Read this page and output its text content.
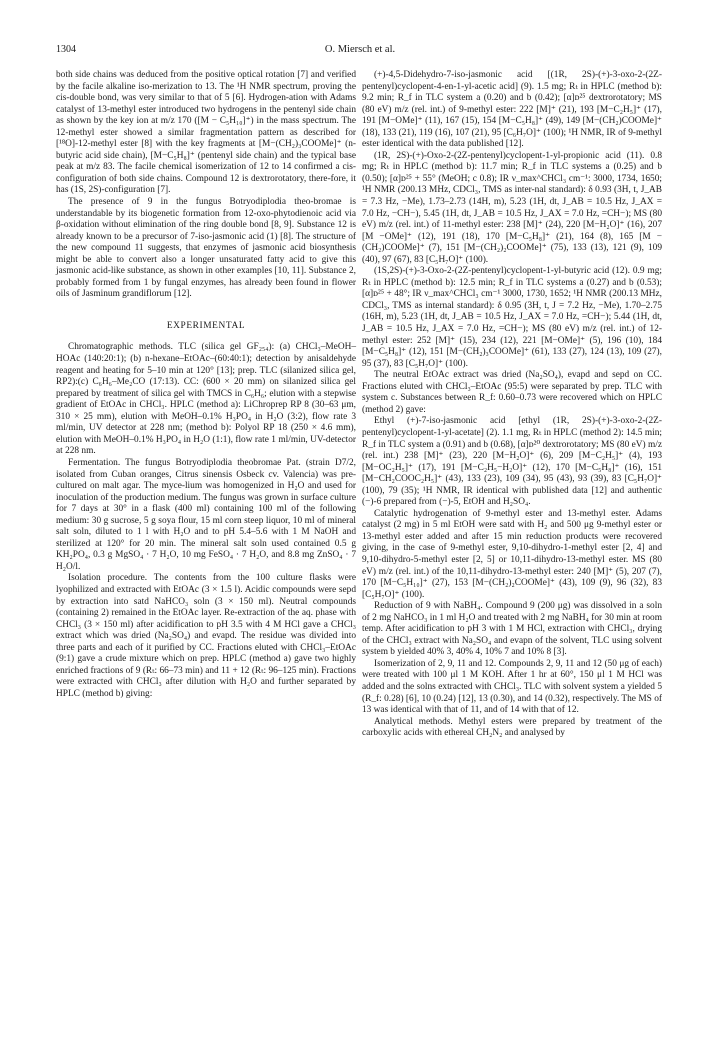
1304	O. Miersch et al.

both side chains was deduced from the positive optical rotation [7] and verified by the facile alkaline iso-merization to 13. The ¹H NMR spectrum, proving the cis-double bond, was very similar to that of 5 [6]. Hydrogen-ation with Adams catalyst of 13-methyl ester introduced two hydrogens in the pentenyl side chain as shown by the key ion at m/z 170 ([M − C₅H₁₀]⁺) in the mass spectrum. The 12-methyl ester showed a similar fragmentation pattern as described for [¹⁸O]-12-methyl ester [8] with the key fragments at [M−(CH₂)₃COOMe]⁺ (n-butyric acid side chain), [M−C₅H₈]⁺ (pentenyl side chain) and the typical base peak at m/z 83. The facile chemical isomerization of 12 to 14 confirmed a cis-configuration of both side chains. Compound 12 is dextrorotatory, there-fore, it has (1S, 2S)-configuration [7].

The presence of 9 in the fungus Botryodiplodia theo-bromae is understandable by its biogenetic formation from 12-oxo-phytodienoic acid via β-oxidation without elimination of the ring double bond [8, 9]. Substance 12 is already known to be a precursor of 7-iso-jasmonic acid (1) [8]. The structure of the new compound 11 suggests, that enzymes of jasmonic acid biosynthesis might be able to convert also a longer unsaturated fatty acid to give this jasmonic acid-like substance, as shown in other examples [10, 11]. Substance 2, probably formed from 1 by fungal enzymes, has already been found in flower oils of Jasminum grandiflorum [12].

EXPERIMENTAL

Chromatographic methods. TLC (silica gel GF₂₅₄): (a) CHCl₃–MeOH–HOAc (140:20:1); (b) n-hexane–EtOAc–(60:40:1); detection by anisaldehyde reagent and heating for 5–10 min at 120° [13]; prep. TLC (silanized silica gel, RP2):(c) C₆H₆–Me₂CO (17:13). CC: (600 × 20 mm) on silanized silica gel prepared by treatment of silica gel with TMCS in C₆H₆; elution with a stepwise gradient of EtOAc in CHCl₃. HPLC (method a): LiChroprep RP 8 (30–63 μm, 310 × 25 mm), elution with MeOH–0.1% H₃PO₄ in H₂O (3:2), flow rate 3 ml/min, UV detector at 228 nm; (method b): Polyol RP 18 (250 × 4.6 mm), elution with MeOH–0.1% H₃PO₄ in H₂O (1:1), flow rate 1 ml/min, UV-detector at 228 nm.

Fermentation. The fungus Botryodiplodia theobromae Pat. (strain D7/2, isolated from Cuban oranges, Citrus sinensis Osbeck cv. Valencia) was pre-cultured on malt agar. The myce-lium was homogenized in H₂O and used for inoculation of the production medium. The fungus was grown in surface culture for 7 days at 30° in a flask (400 ml) containing 100 ml of the following medium: 30 g sucrose, 5 g soya flour, 15 ml corn steep liquor, 10 ml of mineral salt soln, diluted to 1 l with H₂O and to pH 5.4–5.6 with 1 M NaOH and sterilized at 120° for 20 min. The mineral salt soln used contained 0.5 g KH₂PO₄, 0.3 g MgSO₄ · 7 H₂O, 10 mg FeSO₄ · 7 H₂O, and 8.8 mg ZnSO₄ · 7 H₂O/l.

Isolation procedure. The contents from the 100 culture flasks were lyophilized and extracted with EtOAc (3 × 1.5 l). Acidic compounds were sepd by extraction into satd NaHCO₃ soln (3 × 150 ml). Neutral compounds (containing 2) remained in the EtOAc layer. Re-extraction of the aq. phase with CHCl₃ (3 × 150 ml) after acidification to pH 3.5 with 4 M HCl gave a CHCl₃ extract which was dried (Na₂SO₄) and evapd. The residue was divided into three parts and each of it purified by CC. Fractions eluted with CHCl₃–EtOAc (9:1) gave a crude mixture which on prep. HPLC (method a) gave two highly enriched fractions of 9 (Rₜ: 66–73 min) and 11 + 12 (Rₜ: 96–125 min). Fractions were extracted with CHCl₃ after dilution with H₂O and further separated by HPLC (method b) giving:

(+)-4,5-Didehydro-7-iso-jasmonic acid [(1R, 2S)-(+)-3-oxo-2-(2Z-pentenyl)cyclopent-4-en-1-yl-acetic acid] (9). 1.5 mg; Rₜ in HPLC (method b): 9.2 min; R_f in TLC system a (0.20) and b (0.42); [α]ᴅ²⁵ dextrorotatory; MS (80 eV) m/z (rel. int.) of 9-methyl ester: 222 [M]⁺ (21), 193 [M−C₂H₅]⁺ (17), 191 [M−OMe]⁺ (11), 167 (15), 154 [M−C₅H₈]⁺ (49), 149 [M−(CH₂)COOMe]⁺ (18), 133 (21), 119 (16), 107 (21), 95 [C₆H₇O]⁺ (100); ¹H NMR, IR of 9-methyl ester identical with the data published [12].

(1R, 2S)-(+)-Oxo-2-(2Z-pentenyl)cyclopent-1-yl-propionic acid (11). 0.8 mg; Rₜ in HPLC (method b): 11.7 min; R_f in TLC systems a (0.25) and b (0.50); [α]ᴅ²⁵ + 55° (MeOH; c 0.8); IR ν_max^CHCl₃ cm⁻¹: 3000, 1734, 1650; ¹H NMR (200.13 MHz, CDCl₃, TMS as inter-nal standard): δ 0.93 (3H, t, J_AB = 7.3 Hz, −Me), 1.73–2.73 (14H, m), 5.23 (1H, dt, J_AB = 10.5 Hz, J_AX = 7.0 Hz, −CH−), 5.45 (1H, dt, J_AB = 10.5 Hz, J_AX = 7.0 Hz, =CH−); MS (80 eV) m/z (rel. int.) of 11-methyl ester: 238 [M]⁺ (24), 220 [M−H₂O]⁺ (16), 207 [M −OMe]⁺ (12), 191 (18), 170 [M−C₅H₈]⁺ (21), 164 (8), 165 [M −(CH₂)COOMe]⁺ (7), 151 [M−(CH₂)₂COOMe]⁺ (75), 133 (13), 121 (9), 109 (40), 97 (67), 83 [C₅H₇O]⁺ (100).

(1S,2S)-(+)-3-Oxo-2-(2Z-pentenyl)cyclopent-1-yl-butyric acid (12). 0.9 mg; Rₜ in HPLC (method b): 12.5 min; R_f in TLC systems a (0.27) and b (0.53); [α]ᴅ²⁵ + 48°; IR ν_max^CHCl₃ cm⁻¹ 3000, 1730, 1652; ¹H NMR (200.13 MHz, CDCl₃, TMS as internal standard): δ 0.95 (3H, t, J = 7.2 Hz, −Me), 1.70–2.75 (16H, m), 5.23 (1H, dt, J_AB = 10.5 Hz, J_AX = 7.0 Hz, =CH−); 5.44 (1H, dt, J_AB = 10.5 Hz, J_AX = 7.0 Hz, =CH−); MS (80 eV) m/z (rel. int.) of 12-methyl ester: 252 [M]⁺ (15), 234 (12), 221 [M−OMe]⁺ (5), 196 (10), 184 [M−C₅H₈]⁺ (12), 151 [M−(CH₂)₃COOMe]⁺ (61), 133 (27), 124 (13), 109 (27), 95 (37), 83 [C₅H₇O]⁺ (100).

The neutral EtOAc extract was dried (Na₂SO₄), evapd and sepd on CC. Fractions eluted with CHCl₃–EtOAc (95:5) were separated by prep. TLC with system c. Substances between R_f: 0.60–0.73 were recovered which on HPLC (method 2) gave:

Ethyl (+)-7-iso-jasmonic acid [ethyl (1R, 2S)-(+)-3-oxo-2-(2Z-pentenyl)cyclopent-1-yl-acetate] (2). 1.1 mg, Rₜ in HPLC (method 2): 14.5 min; R_f in TLC system a (0.91) and b (0.68), [α]ᴅ²⁰ dextrorotatory; MS (80 eV) m/z (rel. int.) 238 [M]⁺ (23), 220 [M−H₂O]⁺ (6), 209 [M−C₂H₅]⁺ (4), 193 [M−OC₂H₅]⁺ (17), 191 [M−C₂H₅−H₂O]⁺ (12), 170 [M−C₅H₈]⁺ (16), 151 [M−CH₂COOC₂H₅]⁺ (43), 133 (23), 109 (34), 95 (43), 93 (39), 83 [C₅H₇O]⁺ (100), 79 (35); ¹H NMR, IR identical with published data [12] and authentic (−)-6 prepared from (−)-5, EtOH and H₂SO₄.

Catalytic hydrogenation of 9-methyl ester and 13-methyl ester. Adams catalyst (2 mg) in 5 ml EtOH were satd with H₂ and 500 μg 9-methyl ester or 13-methyl ester added and after 15 min reduction products were recovered giving, in the case of 9-methyl ester, 9,10-dihydro-1-methyl ester [2, 4] and 9,10-dihydro-5-methyl ester [2, 5] or 10,11-dihydro-13-methyl ester. MS (80 eV) m/z (rel. int.) of the 10,11-dihydro-13-methyl ester: 240 [M]⁺ (5), 207 (7), 170 [M−C₅H₁₀]⁺ (27), 153 [M−(CH₂)₂COOMe]⁺ (43), 109 (9), 96 (32), 83 [C₅H₇O]⁺ (100).

Reduction of 9 with NaBH₄. Compound 9 (200 μg) was dissolved in a soln of 2 mg NaHCO₃ in 1 ml H₂O and treated with 2 mg NaBH₄ for 30 min at room temp. After acidification to pH 3 with 1 M HCl, extraction with CHCl₃, drying of the CHCl₃ extract with Na₂SO₄ and evapn of the solvent, TLC using solvent system b yielded 40% 3, 40% 4, 10% 7 and 10% 8 [3].

Isomerization of 2, 9, 11 and 12. Compounds 2, 9, 11 and 12 (50 μg of each) were treated with 100 μl 1 M KOH. After 1 hr at 60°, 150 μl 1 M HCl was added and the solns extracted with CHCl₃. TLC with solvent system a yielded 5 (R_f: 0.28) [6], 10 (0.24) [12], 13 (0.30), and 14 (0.32), respectively. The MS of 13 was identical with that of 11, and of 14 with that of 12.

Analytical methods. Methyl esters were prepared by treatment of the carboxylic acids with ethereal CH₂N₂ and analysed by
